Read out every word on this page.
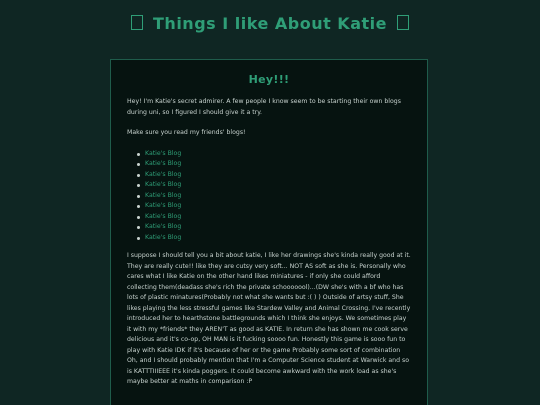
Things I like About Katie
Hey!!!

Hey! I'm Katie's secret admirer. A few people I know seem to be starting their own blogs during uni, so I figured I should give it a try.

Make sure you read my friends' blogs!

Katie's Blog
Katie's Blog
Katie's Blog
Katie's Blog
Katie's Blog
Katie's Blog
Katie's Blog
Katie's Blog
Katie's Blog

I suppose I should tell you a bit about katie, I like her drawings she's kinda really good at it. They are really cute!! like they are cutsy very soft... NOT AS soft as she is. Personally who cares what I like Katie on the other hand likes miniatures - if only she could afford collecting them(deadass she's rich the private schooooool)...(DW she's with a bf who has lots of plastic minatures(Probably not what she wants but :( ) ) Outside of artsy stuff, She likes playing the less stressful games like Stardew Valley and Animal Crossing. I've recently introduced her to hearthstone battlegrounds which I think she enjoys. We sometimes play it with my *friends* they AREN'T as good as KATIE. In return she has shown me cook serve delicious and it's co-op, OH MAN is it fucking soooo fun. Honestly this game is sooo fun to play with Katie IDK if it's because of her or the game Probably some sort of combination Oh, and I should probably mention that I'm a Computer Science student at Warwick and so is KATTTIIIEEE it's kinda poggers. It could become awkward with the work load as she's maybe better at maths in comparison :P
